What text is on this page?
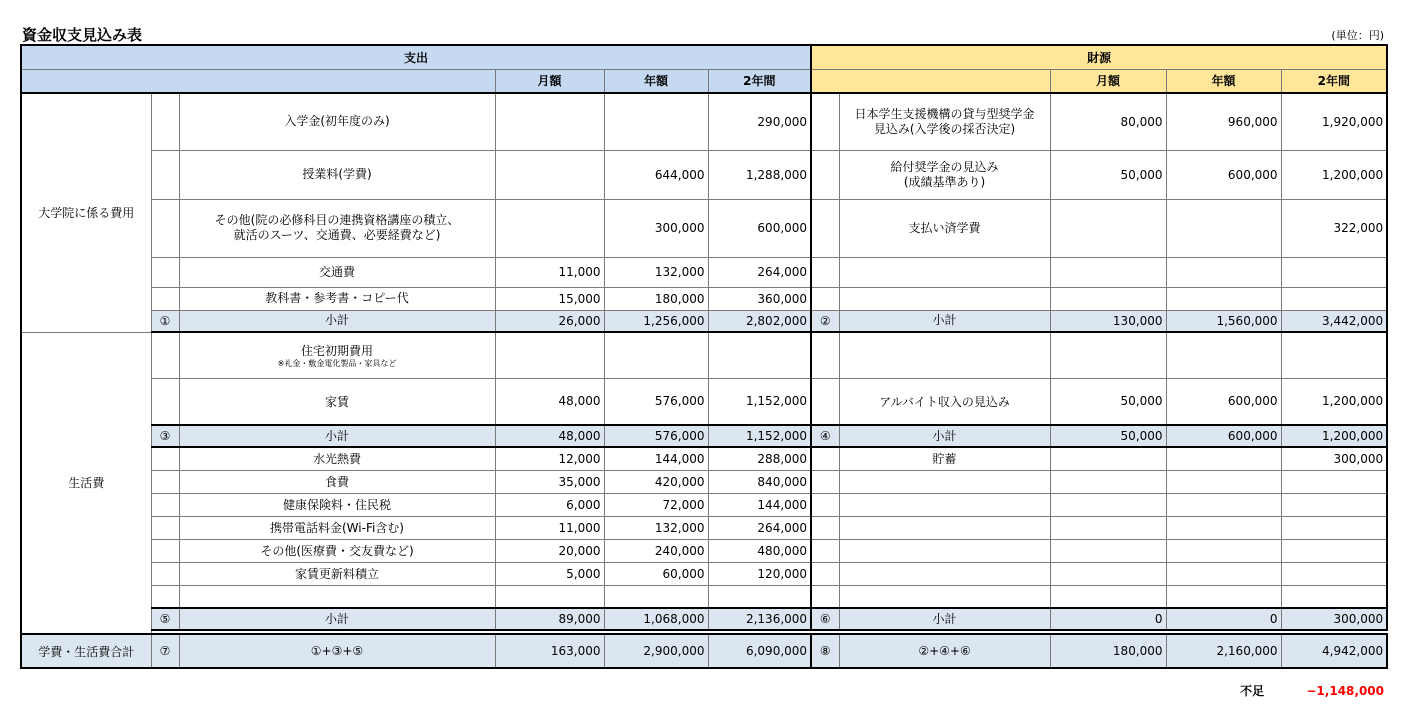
資金収支見込み表	(単位：円)
支出						財源				
			月額	年額	2年間			月額	年額	2年間
大学院に係る費用		入学金(初年度のみ)			290,000		日本学生支援機構の貸与型奨学金
見込み(入学後の採否決定)	80,000	960,000	1,920,000
		授業料(学費)		644,000	1,288,000		給付奨学金の見込み
(成績基準あり)	50,000	600,000	1,200,000
		その他(院の必修科目の連携資格講座の積立、
就活のスーツ、交通費、必要経費など)		300,000	600,000		支払い済学費			322,000
		交通費	11,000	132,000	264,000					
		教科書・参考書・コピー代	15,000	180,000	360,000					
	①	小計	26,000	1,256,000	2,802,000	②	小計	130,000	1,560,000	3,442,000
生活費		住宅初期費用
※礼金・敷金電化製品・家具など								

		家賃	48,000	576,000	1,152,000		アルバイト収入の見込み	50,000	600,000	1,200,000
	③	小計	48,000	576,000	1,152,000	④	小計	50,000	600,000	1,200,000
		水光熱費	12,000	144,000	288,000		貯蓄			300,000
		食費	35,000	420,000	840,000					
		健康保険料・住民税	6,000	72,000	144,000					
		携帯電話料金(Wi-Fi含む)	11,000	132,000	264,000					
		その他(医療費・交友費など)	20,000	240,000	480,000					
		家賃更新料積立	5,000	60,000	120,000					

	⑤	小計	89,000	1,068,000	2,136,000	⑥	小計	0	0	300,000

学費・生活費合計	⑦	①+③+⑤	163,000	2,900,000	6,090,000	⑧	②+④+⑥	180,000	2,160,000	4,942,000
不足	−1,148,000
